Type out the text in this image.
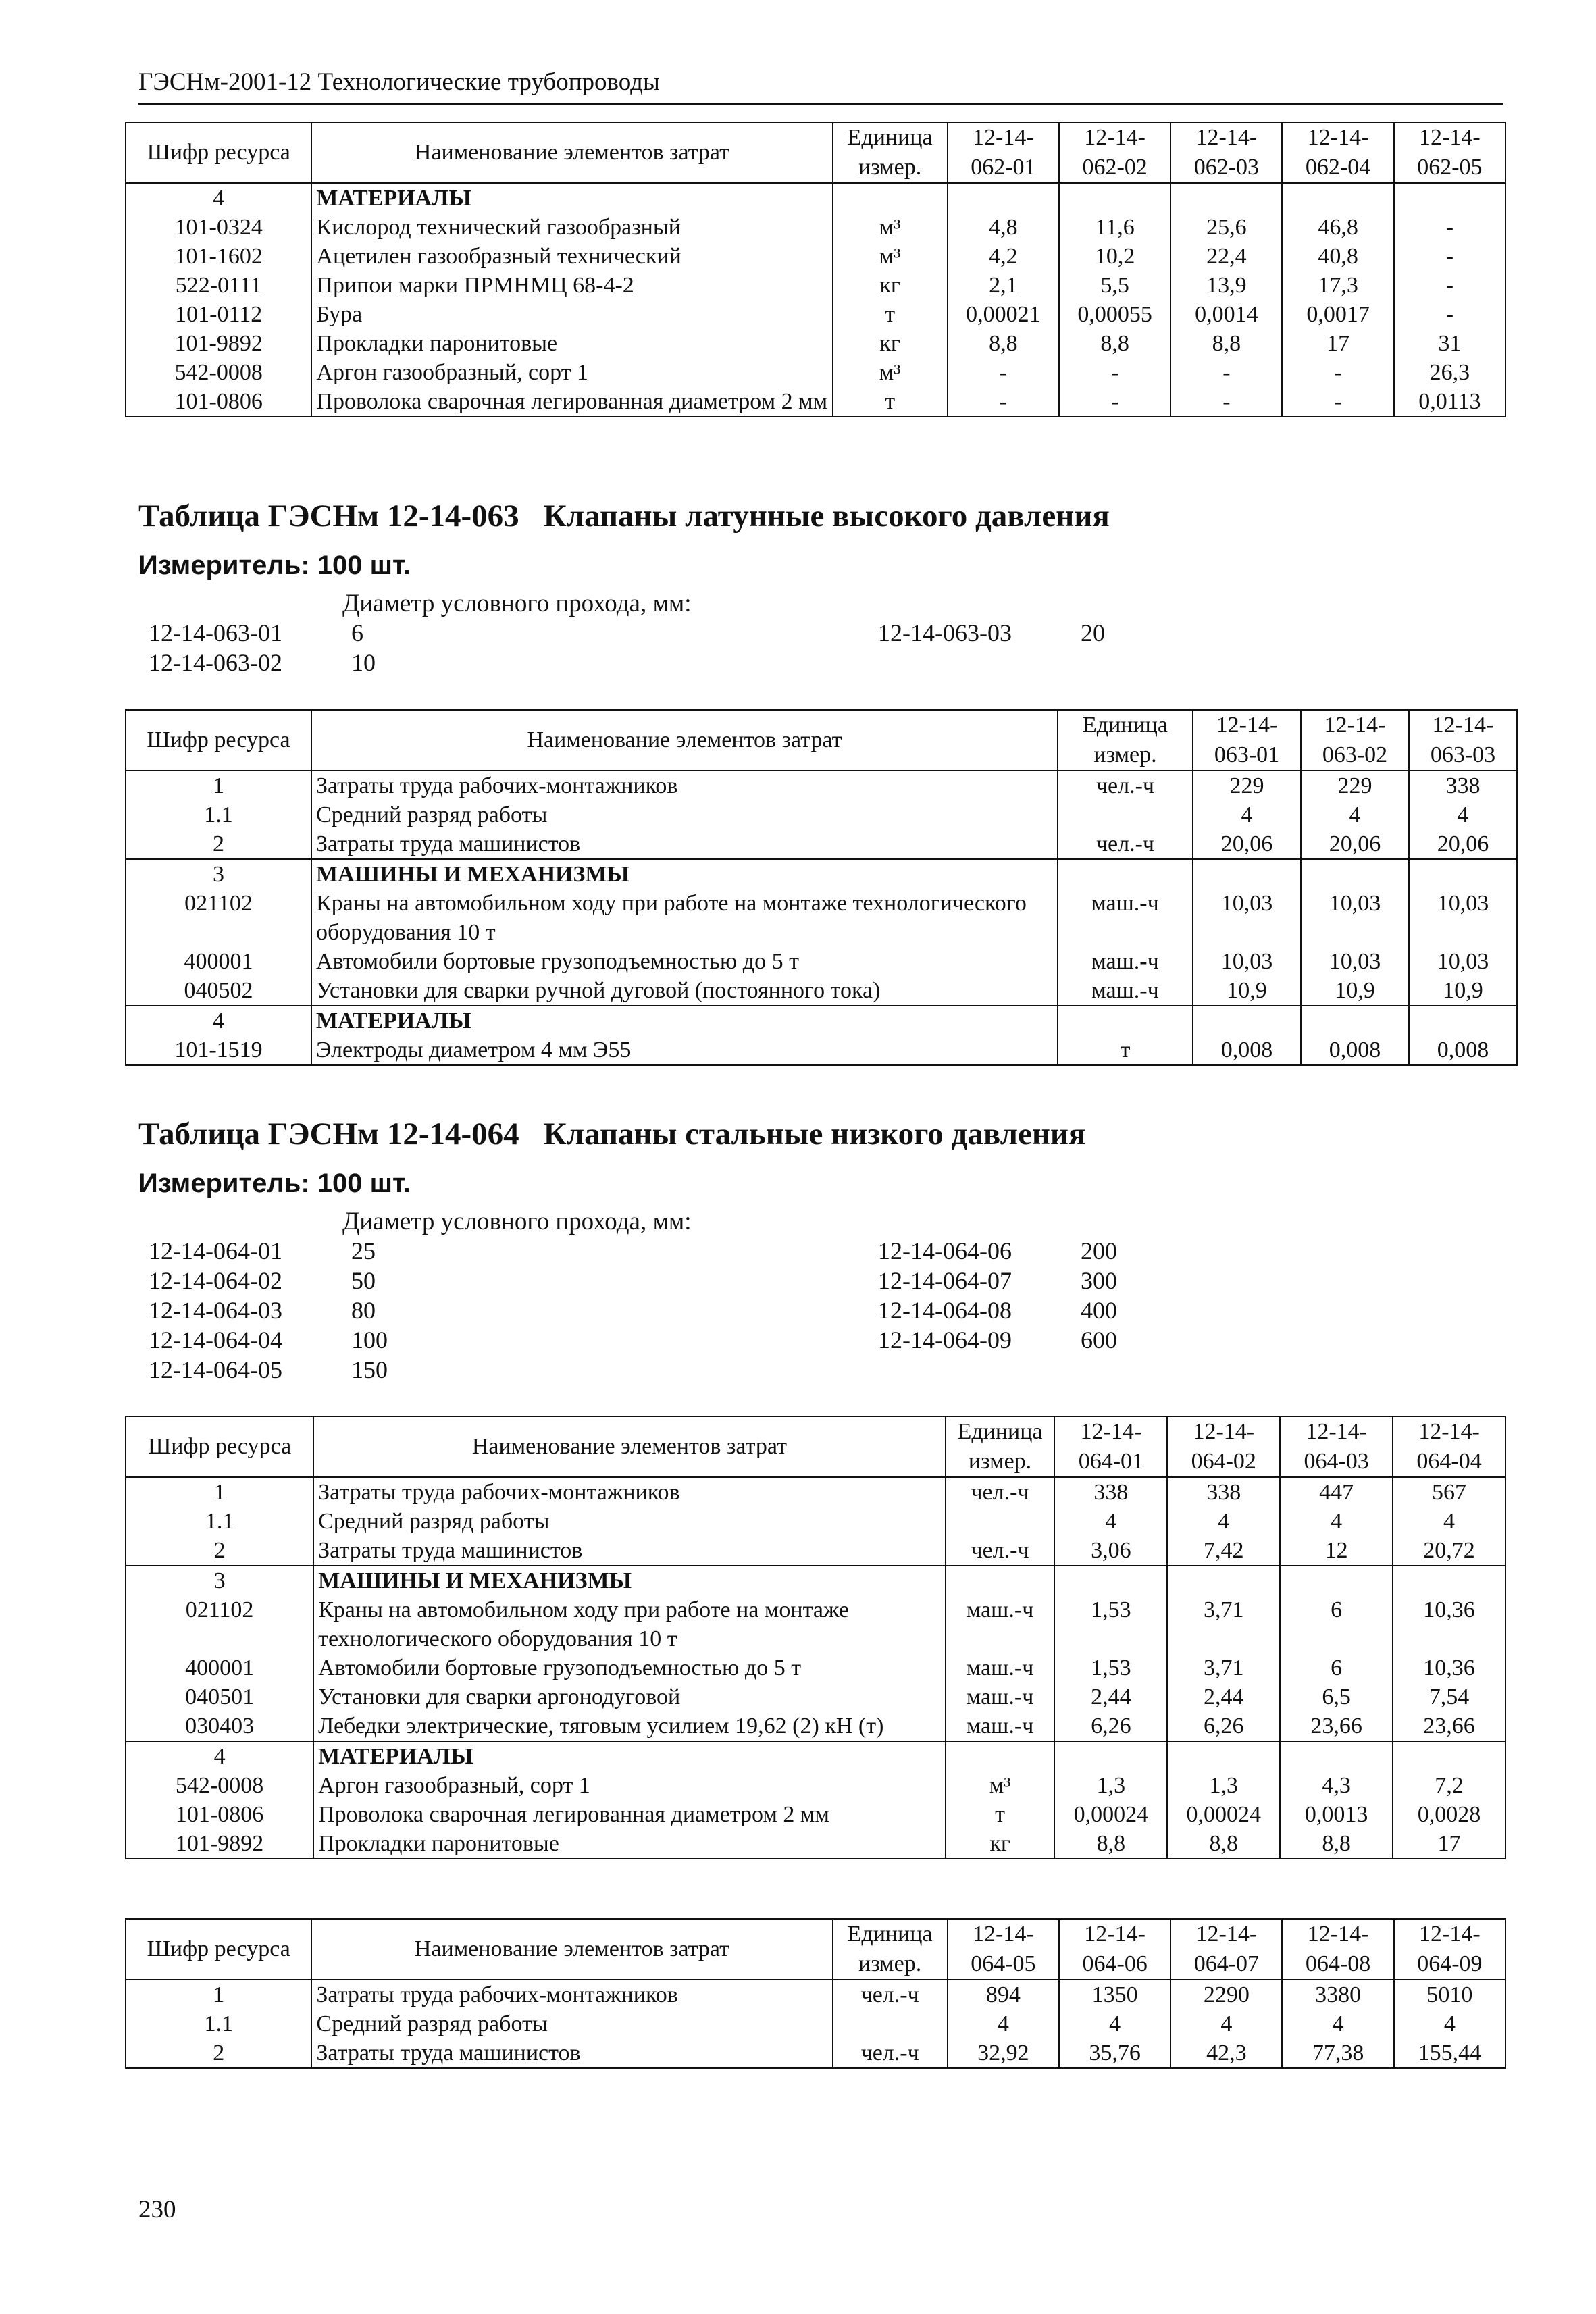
ГЭСНм-2001-12 Технологические трубопроводы
Шифр ресурса	Наименование элементов затрат	Единица измер.	12-14-062-01	12-14-062-02	12-14-062-03	12-14-062-04	12-14-062-05
4	МАТЕРИАЛЫ						
101-0324	Кислород технический газообразный	м³	4,8	11,6	25,6	46,8	-
101-1602	Ацетилен газообразный технический	м³	4,2	10,2	22,4	40,8	-
522-0111	Припои марки ПРМНМЦ 68-4-2	кг	2,1	5,5	13,9	17,3	-
101-0112	Бура	т	0,00021	0,00055	0,0014	0,0017	-
101-9892	Прокладки паронитовые	кг	8,8	8,8	8,8	17	31
542-0008	Аргон газообразный, сорт 1	м³	-	-	-	-	26,3
101-0806	Проволока сварочная легированная диаметром 2 мм	т	-	-	-	-	0,0113
Таблица ГЭСНм 12-14-063 Клапаны латунные высокого давления
Измеритель: 100 шт.
Диаметр условного прохода, мм:
12-14-063-01	6
12-14-063-02	10
12-14-063-03	20
Шифр ресурса	Наименование элементов затрат	Единица измер.	12-14-063-01	12-14-063-02	12-14-063-03
1	Затраты труда рабочих-монтажников	чел.-ч	229	229	338
1.1	Средний разряд работы		4	4	4
2	Затраты труда машинистов	чел.-ч	20,06	20,06	20,06
3	МАШИНЫ И МЕХАНИЗМЫ				
021102	Краны на автомобильном ходу при работе на монтаже технологического оборудования 10 т	маш.-ч	10,03	10,03	10,03
400001	Автомобили бортовые грузоподъемностью до 5 т	маш.-ч	10,03	10,03	10,03
040502	Установки для сварки ручной дуговой (постоянного тока)	маш.-ч	10,9	10,9	10,9
4	МАТЕРИАЛЫ				
101-1519	Электроды диаметром 4 мм Э55	т	0,008	0,008	0,008
Таблица ГЭСНм 12-14-064 Клапаны стальные низкого давления
Измеритель: 100 шт.
Диаметр условного прохода, мм:
12-14-064-01	25
12-14-064-02	50
12-14-064-03	80
12-14-064-04	100
12-14-064-05	150
12-14-064-06	200
12-14-064-07	300
12-14-064-08	400
12-14-064-09	600
Шифр ресурса	Наименование элементов затрат	Единица измер.	12-14-064-01	12-14-064-02	12-14-064-03	12-14-064-04
1	Затраты труда рабочих-монтажников	чел.-ч	338	338	447	567
1.1	Средний разряд работы		4	4	4	4
2	Затраты труда машинистов	чел.-ч	3,06	7,42	12	20,72
3	МАШИНЫ И МЕХАНИЗМЫ					
021102	Краны на автомобильном ходу при работе на монтаже технологического оборудования 10 т	маш.-ч	1,53	3,71	6	10,36
400001	Автомобили бортовые грузоподъемностью до 5 т	маш.-ч	1,53	3,71	6	10,36
040501	Установки для сварки аргонодуговой	маш.-ч	2,44	2,44	6,5	7,54
030403	Лебедки электрические, тяговым усилием 19,62 (2) кН (т)	маш.-ч	6,26	6,26	23,66	23,66
4	МАТЕРИАЛЫ					
542-0008	Аргон газообразный, сорт 1	м³	1,3	1,3	4,3	7,2
101-0806	Проволока сварочная легированная диаметром 2 мм	т	0,00024	0,00024	0,0013	0,0028
101-9892	Прокладки паронитовые	кг	8,8	8,8	8,8	17
Шифр ресурса	Наименование элементов затрат	Единица измер.	12-14-064-05	12-14-064-06	12-14-064-07	12-14-064-08	12-14-064-09
1	Затраты труда рабочих-монтажников	чел.-ч	894	1350	2290	3380	5010
1.1	Средний разряд работы		4	4	4	4	4
2	Затраты труда машинистов	чел.-ч	32,92	35,76	42,3	77,38	155,44
230
